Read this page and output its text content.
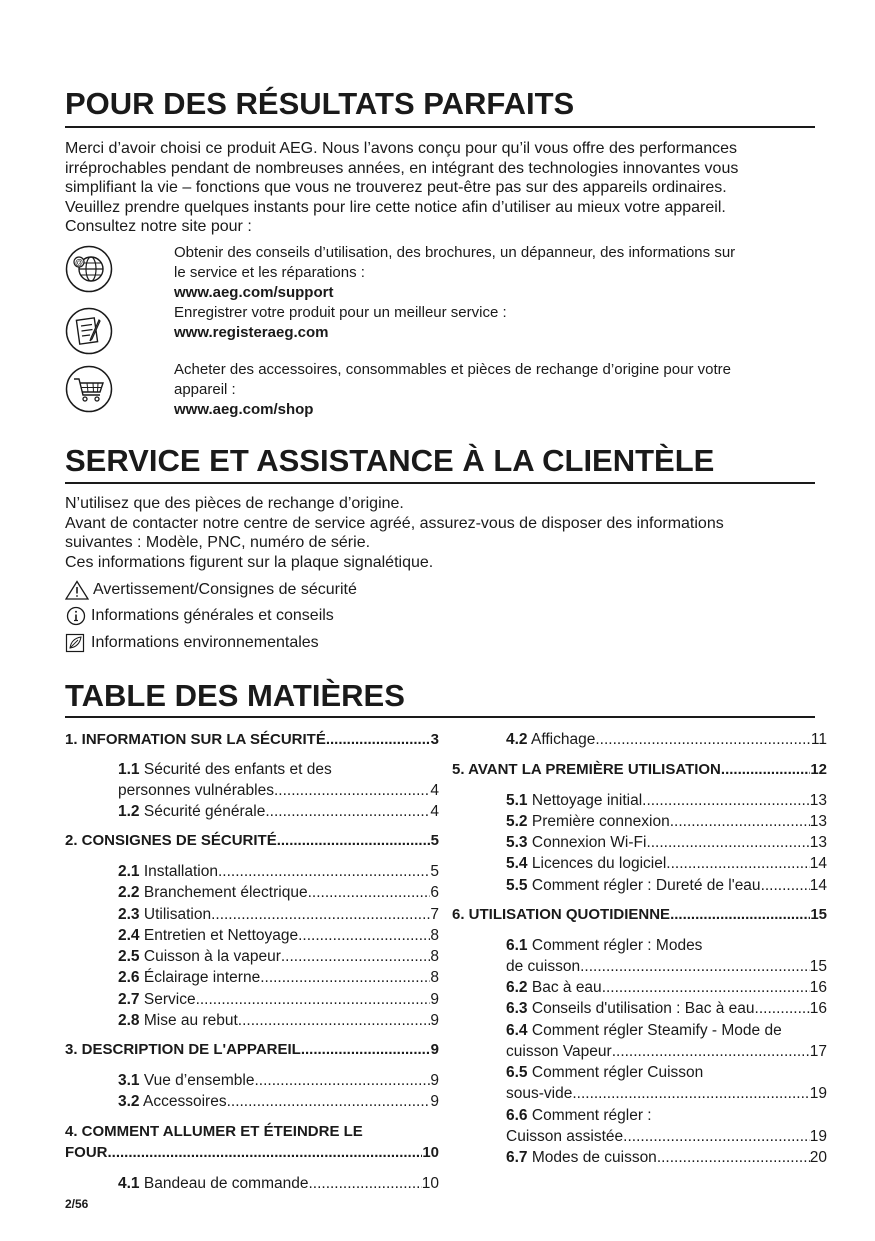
POUR DES RÉSULTATS PARFAITS
Merci d’avoir choisi ce produit AEG. Nous l’avons conçu pour qu’il vous offre des performances
irréprochables pendant de nombreuses années, en intégrant des technologies innovantes vous
simplifiant la vie – fonctions que vous ne trouverez peut-être pas sur des appareils ordinaires.
Veuillez prendre quelques instants pour lire cette notice afin d’utiliser au mieux votre appareil.
Consultez notre site pour :
@
Obtenir des conseils d’utilisation, des brochures, un dépanneur, des informations sur
le service et les réparations :
www.aeg.com/support
Enregistrer votre produit pour un meilleur service :
www.registeraeg.com
Acheter des accessoires, consommables et pièces de rechange d’origine pour votre
appareil :
www.aeg.com/shop
SERVICE ET ASSISTANCE À LA CLIENTÈLE
N’utilisez que des pièces de rechange d’origine.
Avant de contacter notre centre de service agréé, assurez-vous de disposer des informations
suivantes : Modèle, PNC, numéro de série.
Ces informations figurent sur la plaque signalétique.
Avertissement/Consignes de sécurité
Informations générales et conseils
Informations environnementales
TABLE DES MATIÈRES
1. INFORMATION SUR LA SÉCURITÉ .....	3
1.1 Sécurité des enfants et des
personnes vulnérables .....	4
1.2 Sécurité générale .....	4
2. CONSIGNES DE SÉCURITÉ .....	5
2.1 Installation .....	5
2.2 Branchement électrique .....	6
2.3 Utilisation .....	7
2.4 Entretien et Nettoyage .....	8
2.5 Cuisson à la vapeur .....	8
2.6 Éclairage interne .....	8
2.7 Service .....	9
2.8 Mise au rebut .....	9
3. DESCRIPTION DE L'APPAREIL .....	9
3.1 Vue d’ensemble .....	9
3.2 Accessoires .....	9
4. COMMENT ALLUMER ET ÉTEINDRE LE
FOUR .....	10
4.1 Bandeau de commande .....	10
4.2 Affichage .....	11
5. AVANT LA PREMIÈRE UTILISATION .....	12
5.1 Nettoyage initial .....	13
5.2 Première connexion .....	13
5.3 Connexion Wi-Fi .....	13
5.4 Licences du logiciel .....	14
5.5 Comment régler : Dureté de l'eau .....	14
6. UTILISATION QUOTIDIENNE .....	15
6.1 Comment régler : Modes
de cuisson .....	15
6.2 Bac à eau .....	16
6.3 Conseils d'utilisation : Bac à eau .....	16
6.4 Comment régler Steamify - Mode de
cuisson Vapeur .....	17
6.5 Comment régler Cuisson
sous-vide .....	19
6.6 Comment régler :
Cuisson assistée .....	19
6.7 Modes de cuisson .....	20
2/56
